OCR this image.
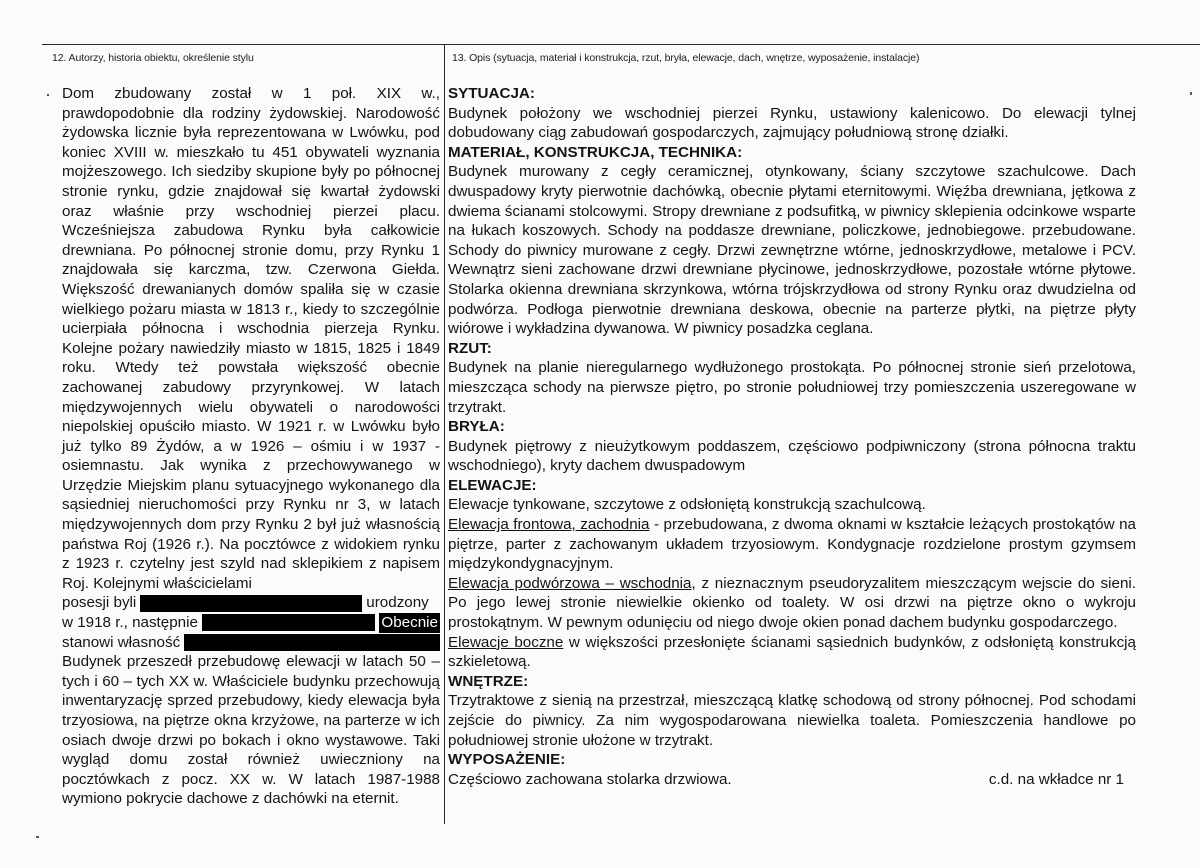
12. Autorzy, historia obiektu, określenie stylu	13. Opis (sytuacja, materiał i konstrukcja, rzut, bryła, elewacje, dach, wnętrze, wyposażenie, instalacje)

Dom zbudowany został w 1 poł. XIX w., prawdopodobnie dla rodziny żydowskiej. Narodowość żydowska licznie była reprezentowana w Lwówku, pod koniec XVIII w. mieszkało tu 451 obywateli wyznania mojżeszowego. Ich siedziby skupione były po północnej stronie rynku, gdzie znajdował się kwartał żydowski oraz właśnie przy wschodniej pierzei placu. Wcześniejsza zabudowa Rynku była całkowicie drewniana. Po północnej stronie domu, przy Rynku 1 znajdowała się karczma, tzw. Czerwona Giełda. Większość drewanianych domów spaliła się w czasie wielkiego pożaru miasta w 1813 r., kiedy to szczególnie ucierpiała północna i wschodnia pierzeja Rynku. Kolejne pożary nawiedziły miasto w 1815, 1825 i 1849 roku. Wtedy też powstała większość obecnie zachowanej zabudowy przyrynkowej. W latach międzywojennych wielu obywateli o narodowości niepolskiej opuściło miasto. W 1921 r. w Lwówku było już tylko 89 Żydów, a w 1926 – ośmiu i w 1937 - osiemnastu. Jak wynika z przechowywanego w Urzędzie Miejskim planu sytuacyjnego wykonanego dla sąsiedniej nieruchomości przy Rynku nr 3, w latach międzywojennych dom przy Rynku 2 był już własnością państwa Roj (1926 r.). Na pocztówce z widokiem rynku z 1923 r. czytelny jest szyld nad sklepikiem z napisem Roj. Kolejnymi właścicielami

posesji byli	urodzony
w 1918 r., następnie	Obecnie
stanowi własność

Budynek przeszedł przebudowę elewacji w latach 50 – tych i 60 – tych XX w. Właściciele budynku przechowują inwentaryzację sprzed przebudowy, kiedy elewacja była trzyosiowa, na piętrze okna krzyżowe, na parterze w ich osiach dwoje drzwi po bokach i okno wystawowe. Taki wygląd domu został również uwieczniony na pocztówkach z pocz. XX w. W latach 1987-1988 wymiono pokrycie dachowe z dachówki na eternit.

SYTUACJA:

Budynek położony we wschodniej pierzei Rynku, ustawiony kalenicowo. Do elewacji tylnej dobudowany ciąg zabudowań gospodarczych, zajmujący południową stronę działki.

MATERIAŁ, KONSTRUKCJA, TECHNIKA:

Budynek murowany z cegły ceramicznej, otynkowany, ściany szczytowe szachulcowe. Dach dwuspadowy kryty pierwotnie dachówką, obecnie płytami eternitowymi. Więźba drewniana, jętkowa z dwiema ścianami stolcowymi. Stropy drewniane z podsufitką, w piwnicy sklepienia odcinkowe wsparte na łukach koszowych. Schody na poddasze drewniane, policzkowe, jednobiegowe. przebudowane. Schody do piwnicy murowane z cegły. Drzwi zewnętrzne wtórne, jednoskrzydłowe, metalowe i PCV. Wewnątrz sieni zachowane drzwi drewniane płycinowe, jednoskrzydłowe, pozostałe wtórne płytowe. Stolarka okienna drewniana skrzynkowa, wtórna trójskrzydłowa od strony Rynku oraz dwudzielna od podwórza. Podłoga pierwotnie drewniana deskowa, obecnie na parterze płytki, na piętrze płyty wiórowe i wykładzina dywanowa. W piwnicy posadzka ceglana.

RZUT:

Budynek na planie nieregularnego wydłużonego prostokąta. Po północnej stronie sień przelotowa, mieszcząca schody na pierwsze piętro, po stronie południowej trzy pomieszczenia uszeregowane w trzytrakt.

BRYŁA:

Budynek piętrowy z nieużytkowym poddaszem, częściowo podpiwniczony (strona północna traktu wschodniego), kryty dachem dwuspadowym

ELEWACJE:

Elewacje tynkowane, szczytowe z odsłoniętą konstrukcją szachulcową.

Elewacja frontowa, zachodnia - przebudowana, z dwoma oknami w kształcie leżących prostokątów na piętrze, parter z zachowanym układem trzyosiowym. Kondygnacje rozdzielone prostym gzymsem międzykondygnacyjnym.

Elewacja podwórzowa – wschodnia, z nieznacznym pseudoryzalitem mieszczącym wejscie do sieni. Po jego lewej stronie niewielkie okienko od toalety. W osi drzwi na piętrze okno o wykroju prostokątnym. W pewnym odunięciu od niego dwoje okien ponad dachem budynku gospodarczego.

Elewacje boczne w większości przesłonięte ścianami sąsiednich budynków, z odsłoniętą konstrukcją szkieletową.

WNĘTRZE:

Trzytraktowe z sienią na przestrzał, mieszczącą klatkę schodową od strony północnej. Pod schodami zejście do piwnicy. Za nim wygospodarowana niewielka toaleta. Pomieszczenia handlowe po południowej stronie ułożone w trzytrakt.

WYPOSAŻENIE:

Częściowo zachowana stolarka drzwiowa.	c.d. na wkładce nr 1
